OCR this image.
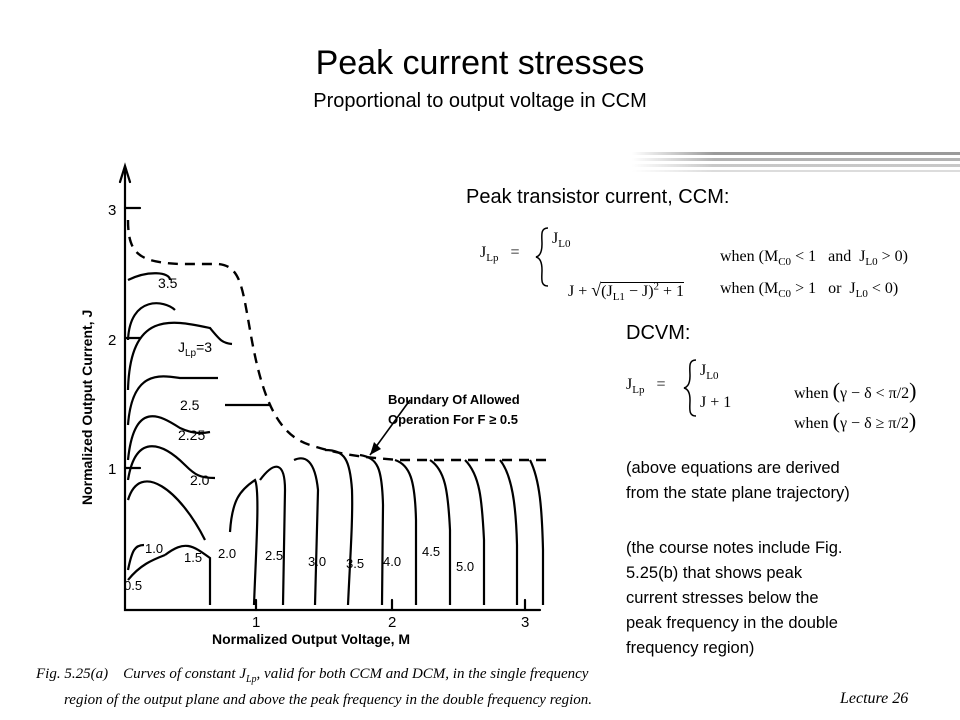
Peak current stresses
Proportional to output voltage in CCM
3
2
1
1	2	3
Normalized Output Current, J
Normalized Output Voltage, M
3.5
$J_{Lp}=3$
2.5
2.25
2.0
0.5
1.0
1.5 2.0 2.5 3.0 3.5 4.0
4.5
5.0
Boundary Of Allowed
Operation For F ≥ 0.5
Peak transistor current, CCM:
$J_{Lp}$ =
$J_{L0}$

when ($M_{C0} < 1$   and  $J_{L0} > 0$)

$J + √(J_{L1} - J)^2 + 1$
	when ($M_{C0} > 1$   or  $J_{L0} < 0$)

DCVM:
$J_{Lp}$ =
$J_{L0}$

when (γ − δ < π/2)

J + 1

when (γ − δ ≥ π/2)

(above equations are derived
from the state plane trajectory)
(the course notes include Fig.
5.25(b) that shows peak
current stresses below the
peak frequency in the double
frequency region)
Fig. 5.25(a) Curves of constant $J_{Lp}$, valid for both CCM and DCM, in the single frequency
region of the output plane and above the peak frequency in the double frequency region.	Lecture 26
